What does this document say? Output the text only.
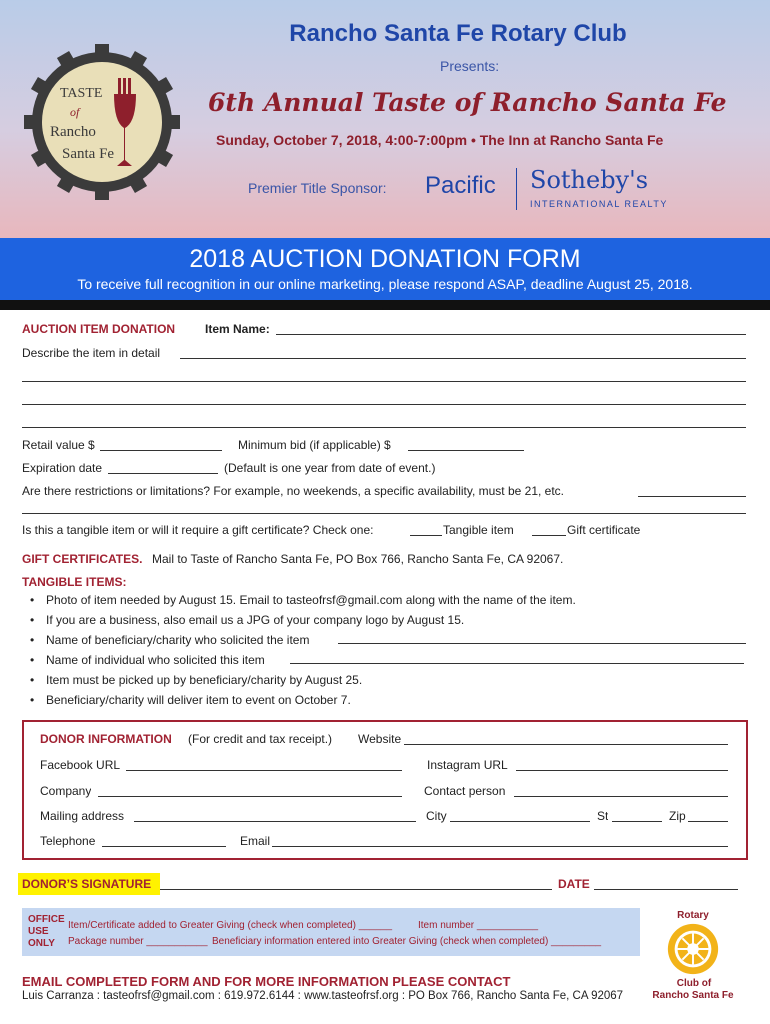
TASTE
of
Rancho
Santa Fe
Rancho Santa Fe Rotary Club
Presents:
6th Annual Taste of Rancho Santa Fe
Sunday, October 7, 2018, 4:00-7:00pm • The Inn at Rancho Santa Fe
Premier Title Sponsor: Pacific Sotheby's
INTERNATIONAL REALTY
2018 AUCTION DONATION FORM
To receive full recognition in our online marketing, please respond ASAP, deadline August 25, 2018.
AUCTION ITEM DONATION Item Name:
Describe the item in detail
Retail value $	Minimum bid (if applicable) $
Expiration date	(Default is one year from date of event.)
Are there restrictions or limitations? For example, no weekends, a specific availability, must be 21, etc.
Is this a tangible item or will it require a gift certificate? Check one:	Tangible item	Gift certificate
GIFT CERTIFICATES. Mail to Taste of Rancho Santa Fe, PO Box 766, Rancho Santa Fe, CA 92067.
TANGIBLE ITEMS:
• Photo of item needed by August 15. Email to tasteofrsf@gmail.com along with the name of the item.
• If you are a business, also email us a JPG of your company logo by August 15.
• Name of beneficiary/charity who solicited the item
• Name of individual who solicited this item
• Item must be picked up by beneficiary/charity by August 25.
• Beneficiary/charity will deliver item to event on October 7.
DONOR INFORMATION (For credit and tax receipt.) Website
Facebook URL	Instagram URL
Company	Contact person
Mailing address	City	St	Zip
Telephone	Email
DONOR’S SIGNATURE	DATE
OFFICE
USE
ONLY
Item/Certificate added to Greater Giving (check when completed) ______	Item number ___________
Package number ___________ Beneficiary information entered into Greater Giving (check when completed) _________
Rotary
Club of
Rancho Santa Fe
EMAIL COMPLETED FORM AND FOR MORE INFORMATION PLEASE CONTACT
Luis Carranza : tasteofrsf@gmail.com : 619.972.6144 : www.tasteofrsf.org : PO Box 766, Rancho Santa Fe, CA 92067
